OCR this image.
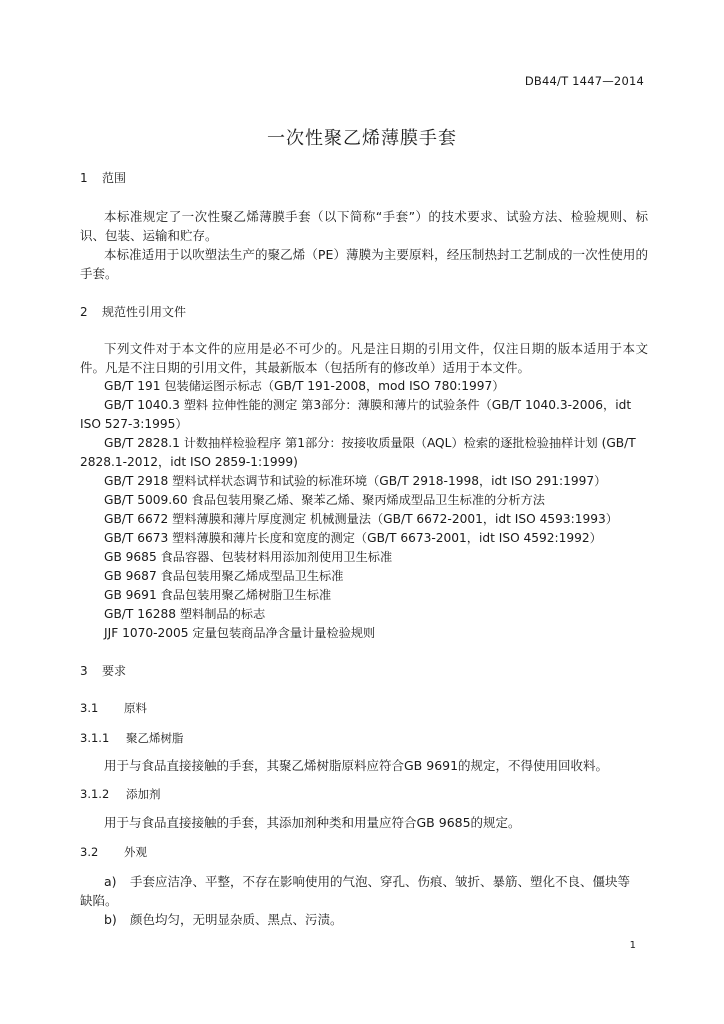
DB44/T 1447—2014
一次性聚乙烯薄膜手套
1 范围
本标准规定了一次性聚乙烯薄膜手套（以下简称“手套”）的技术要求、试验方法、检验规则、标识、包装、运输和贮存。
本标准适用于以吹塑法生产的聚乙烯（PE）薄膜为主要原料，经压制热封工艺制成的一次性使用的手套。
2 规范性引用文件
下列文件对于本文件的应用是必不可少的。凡是注日期的引用文件，仅注日期的版本适用于本文件。凡是不注日期的引用文件，其最新版本（包括所有的修改单）适用于本文件。
GB/T 191 包装储运图示标志（GB/T 191-2008，mod ISO 780:1997）
GB/T 1040.3 塑料 拉伸性能的测定 第3部分：薄膜和薄片的试验条件（GB/T 1040.3-2006，idt
ISO 527-3:1995）
GB/T 2828.1 计数抽样检验程序 第1部分：按接收质量限（AQL）检索的逐批检验抽样计划 (GB/T
2828.1-2012，idt ISO 2859-1:1999)
GB/T 2918 塑料试样状态调节和试验的标准环境（GB/T 2918-1998，idt ISO 291:1997）
GB/T 5009.60 食品包装用聚乙烯、聚苯乙烯、聚丙烯成型品卫生标准的分析方法
GB/T 6672 塑料薄膜和薄片厚度测定 机械测量法（GB/T 6672-2001，idt ISO 4593:1993）
GB/T 6673 塑料薄膜和薄片长度和宽度的测定（GB/T 6673-2001，idt ISO 4592:1992）
GB 9685 食品容器、包装材料用添加剂使用卫生标准
GB 9687 食品包装用聚乙烯成型品卫生标准
GB 9691 食品包装用聚乙烯树脂卫生标准
GB/T 16288 塑料制品的标志
JJF 1070-2005 定量包装商品净含量计量检验规则
3 要求
3.1 原料
3.1.1 聚乙烯树脂
用于与食品直接接触的手套，其聚乙烯树脂原料应符合GB 9691的规定，不得使用回收料。
3.1.2 添加剂
用于与食品直接接触的手套，其添加剂种类和用量应符合GB 9685的规定。
3.2 外观
a) 手套应洁净、平整，不存在影响使用的气泡、穿孔、伤痕、皱折、暴筋、塑化不良、僵块等
缺陷。
b) 颜色均匀，无明显杂质、黑点、污渍。
1
